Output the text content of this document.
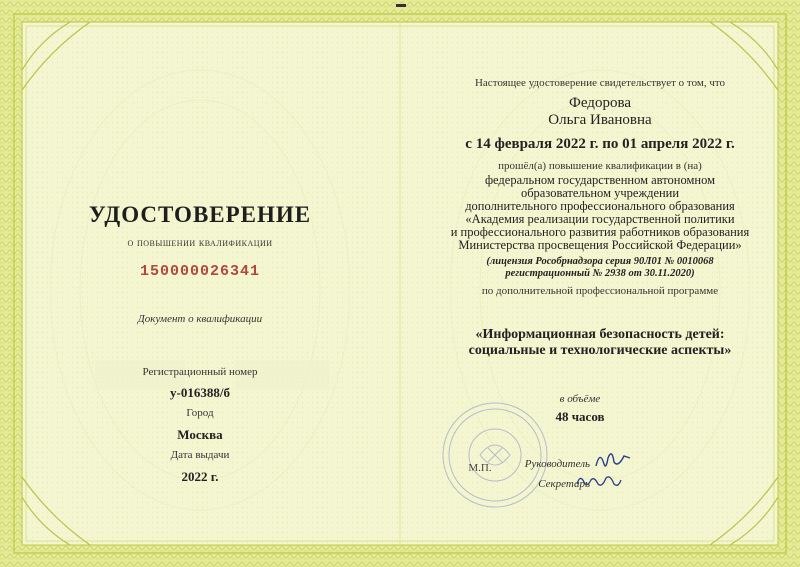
УДОСТОВЕРЕНИЕ
о повышении квалификации
150000026341
Документ о квалификации
Регистрационный номер
у-016388/б
Город
Москва
Дата выдачи
2022 г.
Настоящее удостоверение свидетельствует о том, что
Федорова
Ольга Ивановна
с 14 февраля 2022 г. по 01 апреля 2022 г.
прошёл(а) повышение квалификации в (на)
федеральном государственном автономном
образовательном учреждении
дополнительного профессионального образования
«Академия реализации государственной политики
и профессионального развития работников образования
Министерства просвещения Российской Федерации»
(лицензия Рособрнадзора серия 90Л01 № 0010068
регистрационный № 2938 от 30.11.2020)
по дополнительной профессиональной программе
«Информационная безопасность детей:
социальные и технологические аспекты»
в объёме
48 часов
М.П.	Руководитель
Секретарь
